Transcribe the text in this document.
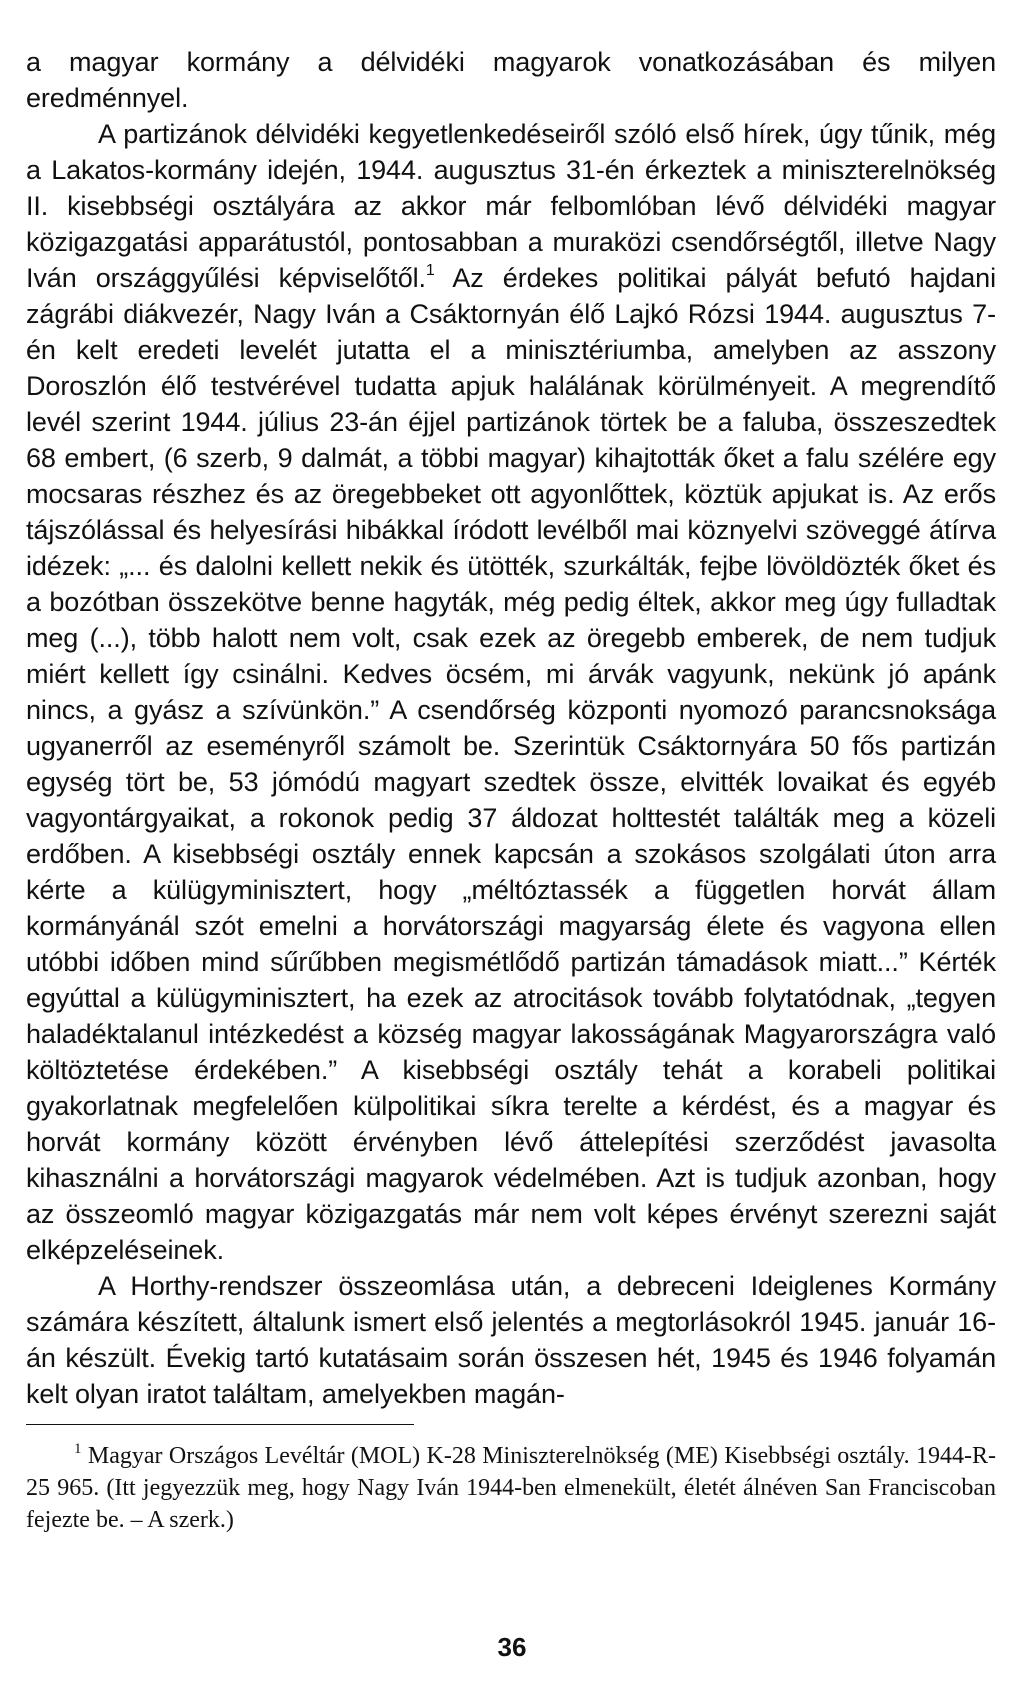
a magyar kormány a délvidéki magyarok vonatkozásában és milyen eredménnyel.

A partizánok délvidéki kegyetlenkedéseiről szóló első hírek, úgy tűnik, még a Lakatos-kormány idején, 1944. augusztus 31-én érkeztek a miniszterelnökség II. kisebbségi osztályára az akkor már felbomlóban lévő délvidéki magyar közigazgatási apparátustól, pontosabban a muraközi csendőrségtől, illetve Nagy Iván országgyűlési képviselőtől.$^1$ Az érdekes politikai pályát befutó hajdani zágrábi diákvezér, Nagy Iván a Csáktornyán élő Lajkó Rózsi 1944. augusztus 7-én kelt eredeti levelét jutatta el a minisztériumba, amelyben az asszony Doroszlón élő testvérével tudatta apjuk halálának körülményeit. A megrendítő levél szerint 1944. július 23-án éjjel partizánok törtek be a faluba, összeszedtek 68 embert, (6 szerb, 9 dalmát, a többi magyar) kihajtották őket a falu szélére egy mocsaras részhez és az öregebbeket ott agyonlőttek, köztük apjukat is. Az erős tájszólással és helyesírási hibákkal íródott levélből mai köznyelvi szöveggé átírva idézek: „... és dalolni kellett nekik és ütötték, szurkálták, fejbe lövöldözték őket és a bozótban összekötve benne hagyták, még pedig éltek, akkor meg úgy fulladtak meg (...), több halott nem volt, csak ezek az öregebb emberek, de nem tudjuk miért kellett így csinálni. Kedves öcsém, mi árvák vagyunk, nekünk jó apánk nincs, a gyász a szívünkön.” A csendőrség központi nyomozó parancsnoksága ugyanerről az eseményről számolt be. Szerintük Csáktornyára 50 fős partizán egység tört be, 53 jómódú magyart szedtek össze, elvitték lovaikat és egyéb vagyontárgyaikat, a rokonok pedig 37 áldozat holttestét találták meg a közeli erdőben. A kisebbségi osztály ennek kapcsán a szokásos szolgálati úton arra kérte a külügyminisztert, hogy „méltóztassék a független horvát állam kormányánál szót emelni a horvátországi magyarság élete és vagyona ellen utóbbi időben mind sűrűbben megismétlődő partizán támadások miatt...” Kérték egyúttal a külügyminisztert, ha ezek az atrocitások tovább folytatódnak, „tegyen haladéktalanul intézkedést a község magyar lakosságának Magyarországra való költöztetése érdekében.” A kisebbségi osztály tehát a korabeli politikai gyakorlatnak megfelelően külpolitikai síkra terelte a kérdést, és a magyar és horvát kormány között érvényben lévő áttelepítési szerződést javasolta kihasználni a horvátországi magyarok védelmében. Azt is tudjuk azonban, hogy az összeomló magyar közigazgatás már nem volt képes érvényt szerezni saját elképzeléseinek.

A Horthy-rendszer összeomlása után, a debreceni Ideiglenes Kormány számára készített, általunk ismert első jelentés a megtorlásokról 1945. január 16-án készült. Évekig tartó kutatásaim során összesen hét, 1945 és 1946 folyamán kelt olyan iratot találtam, amelyekben magán-

$^1$ Magyar Országos Levéltár (MOL) K-28 Miniszterelnökség (ME) Kisebbségi osztály. 1944-R-25 965. (Itt jegyezzük meg, hogy Nagy Iván 1944-ben elmenekült, életét álnéven San Franciscoban fejezte be. – A szerk.)

36
